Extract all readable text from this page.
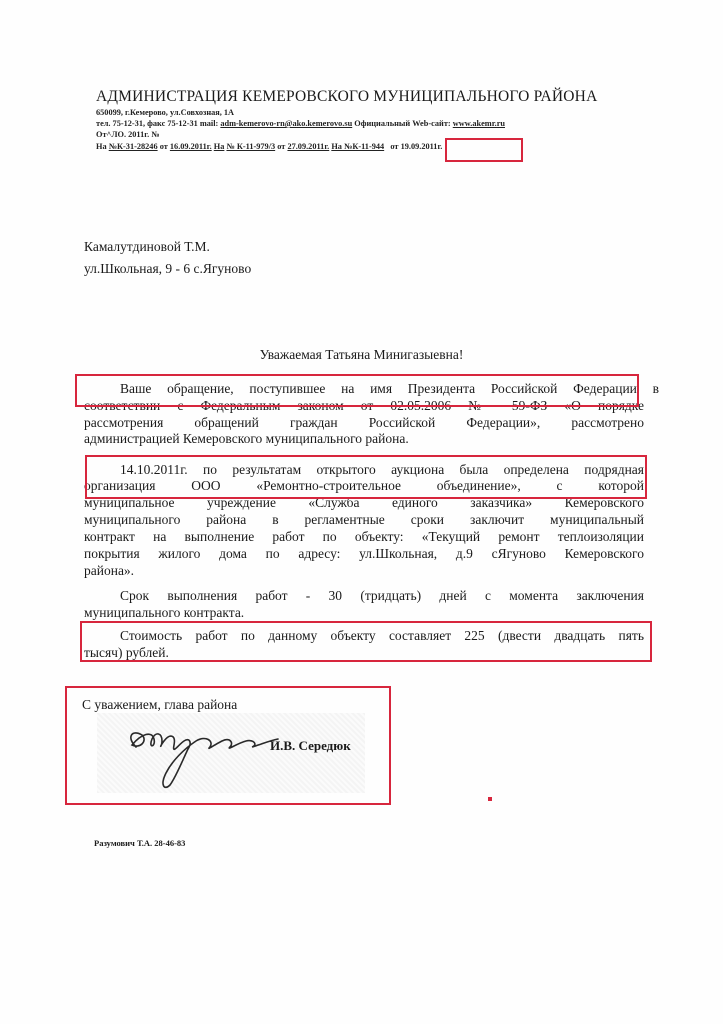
АДМИНИСТРАЦИЯ КЕМЕРОВСКОГО МУНИЦИПАЛЬНОГО РАЙОНА
650099, г.Кемерово, ул.Совхозная, 1А
тел. 75-12-31, факс 75-12-31 mail: adm-kemerovo-rn@ako.kemerovo.su Официальный Web-сайт: www.akemr.ru
От^ЛО. 2011г. №
На №К-31-28246 от 16.09.2011г. На № К-11-979/3 от 27.09.2011г. На №К-11-944 от 19.09.2011г.
Камалутдиновой Т.М.
ул.Школьная, 9 - 6 с.Ягуново
Уважаемая Татьяна Минигазыевна!
Ваше обращение, поступившее на имя Президента Российской Федерации в
соответствии с Федеральным законом от 02.05.2006 № 59-ФЗ «О порядке
рассмотрения обращений граждан Российской Федерации», рассмотрено
администрацией Кемеровского муниципального района.
14.10.2011г. по результатам открытого аукциона была определена подрядная
организация ООО «Ремонтно-строительное объединение», с которой
муниципальное учреждение «Служба единого заказчика» Кемеровского
муниципального района в регламентные сроки заключит муниципальный
контракт на выполнение работ по объекту: «Текущий ремонт теплоизоляции
покрытия жилого дома по адресу: ул.Школьная, д.9 сЯгуново Кемеровского
района».
Срок выполнения работ - 30 (тридцать) дней с момента заключения
муниципального контракта.
Стоимость работ по данному объекту составляет 225 (двести двадцать пять
тысяч) рублей.
С уважением, глава района
И.В. Середюк
Разумович Т.А. 28-46-83
